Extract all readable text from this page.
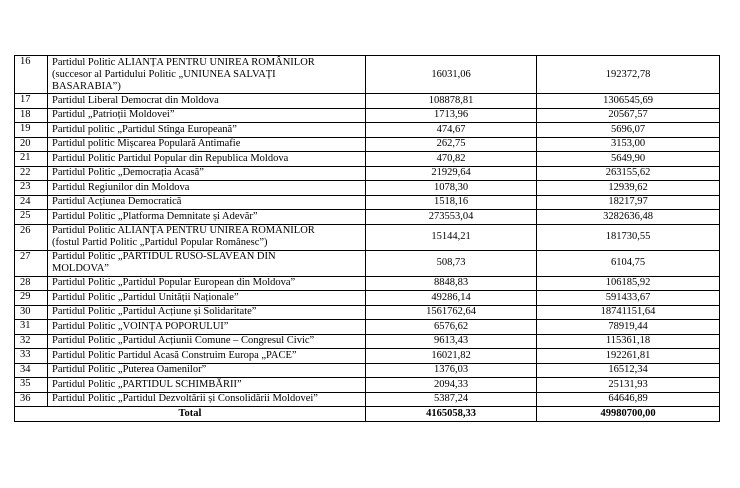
16	Partidul Politic ALIANȚA PENTRU UNIREA ROMÂNILOR
(succesor al Partidului Politic „UNIUNEA SALVAȚI
BASARABIA”)	16031,06	192372,78
17	Partidul Liberal Democrat din Moldova	108878,81	1306545,69
18	Partidul „Patrioții Moldovei”	1713,96	20567,57
19	Partidul politic „Partidul Stînga Europeană”	474,67	5696,07
20	Partidul politic Mișcarea Populară Antimafie	262,75	3153,00
21	Partidul Politic Partidul Popular din Republica Moldova	470,82	5649,90
22	Partidul Politic „Democrația Acasă”	21929,64	263155,62
23	Partidul Regiunilor din Moldova	1078,30	12939,62
24	Partidul Acțiunea Democratică	1518,16	18217,97
25	Partidul Politic „Platforma Demnitate și Adevăr”	273553,04	3282636,48
26	Partidul Politic ALIANȚA PENTRU UNIREA ROMÂNILOR
(fostul Partid Politic „Partidul Popular Românesc”)	15144,21	181730,55
27	Partidul Politic „PARTIDUL RUSO-SLAVEAN DIN
MOLDOVA”	508,73	6104,75
28	Partidul Politic „Partidul Popular European din Moldova”	8848,83	106185,92
29	Partidul Politic „Partidul Unității Naționale”	49286,14	591433,67
30	Partidul Politic „Partidul Acțiune și Solidaritate”	1561762,64	18741151,64
31	Partidul Politic „VOINȚA POPORULUI”	6576,62	78919,44
32	Partidul Politic „Partidul Acțiunii Comune – Congresul Civic”	9613,43	115361,18
33	Partidul Politic Partidul Acasă Construim Europa „PACE”	16021,82	192261,81
34	Partidul Politic „Puterea Oamenilor”	1376,03	16512,34
35	Partidul Politic „PARTIDUL SCHIMBĂRII”	2094,33	25131,93
36	Partidul Politic „Partidul Dezvoltării și Consolidării Moldovei”	5387,24	64646,89
Total		4165058,33	49980700,00
